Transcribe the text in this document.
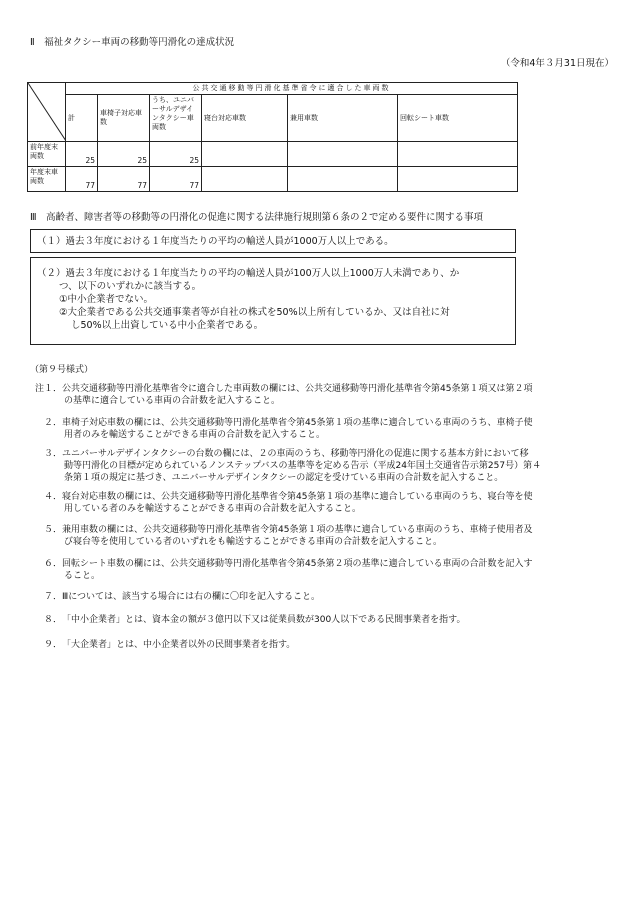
Ⅱ　福祉タクシー車両の移動等円滑化の達成状況
（令和4年３月31日現在）
	公共交通移動等円滑化基準省令に適合した車両数					
	計	車椅子対応車数	うち、ユニバーサルデザインタクシー車両数	寝台対応車数	兼用車数	回転シート車数
前年度末両数	25	25	25			
年度末車両数	77	77	77			
Ⅲ　高齢者、障害者等の移動等の円滑化の促進に関する法律施行規則第６条の２で定める要件に関する事項
（１）過去３年度における１年度当たりの平均の輸送人員が1000万人以上である。
（２）過去３年度における１年度当たりの平均の輸送人員が100万人以上1000万人未満であり、か
つ、以下のいずれかに該当する。
①中小企業者でない。
②大企業者である公共交通事業者等が自社の株式を50%以上所有しているか、又は自社に対
し50%以上出資している中小企業者である。
（第９号様式）
注１．公共交通移動等円滑化基準省令に適合した車両数の欄には、公共交通移動等円滑化基準省令第45条第１項又は第２項
の基準に適合している車両の合計数を記入すること。
２．車椅子対応車数の欄には、公共交通移動等円滑化基準省令第45条第１項の基準に適合している車両のうち、車椅子使
用者のみを輸送することができる車両の合計数を記入すること。
３．ユニバーサルデザインタクシーの台数の欄には、２の車両のうち、移動等円滑化の促進に関する基本方針において移
動等円滑化の目標が定められているノンステップバスの基準等を定める告示（平成24年国土交通省告示第257号）第４
条第１項の規定に基づき、ユニバーサルデザインタクシーの認定を受けている車両の合計数を記入すること。
４．寝台対応車数の欄には、公共交通移動等円滑化基準省令第45条第１項の基準に適合している車両のうち、寝台等を使
用している者のみを輸送することができる車両の合計数を記入すること。
５．兼用車数の欄には、公共交通移動等円滑化基準省令第45条第１項の基準に適合している車両のうち、車椅子使用者及
び寝台等を使用している者のいずれをも輸送することができる車両の合計数を記入すること。
６．回転シート車数の欄には、公共交通移動等円滑化基準省令第45条第２項の基準に適合している車両の合計数を記入す
ること。
７．Ⅲについては、該当する場合には右の欄に〇印を記入すること。
８．「中小企業者」とは、資本金の額が３億円以下又は従業員数が300人以下である民間事業者を指す。
９．「大企業者」とは、中小企業者以外の民間事業者を指す。
